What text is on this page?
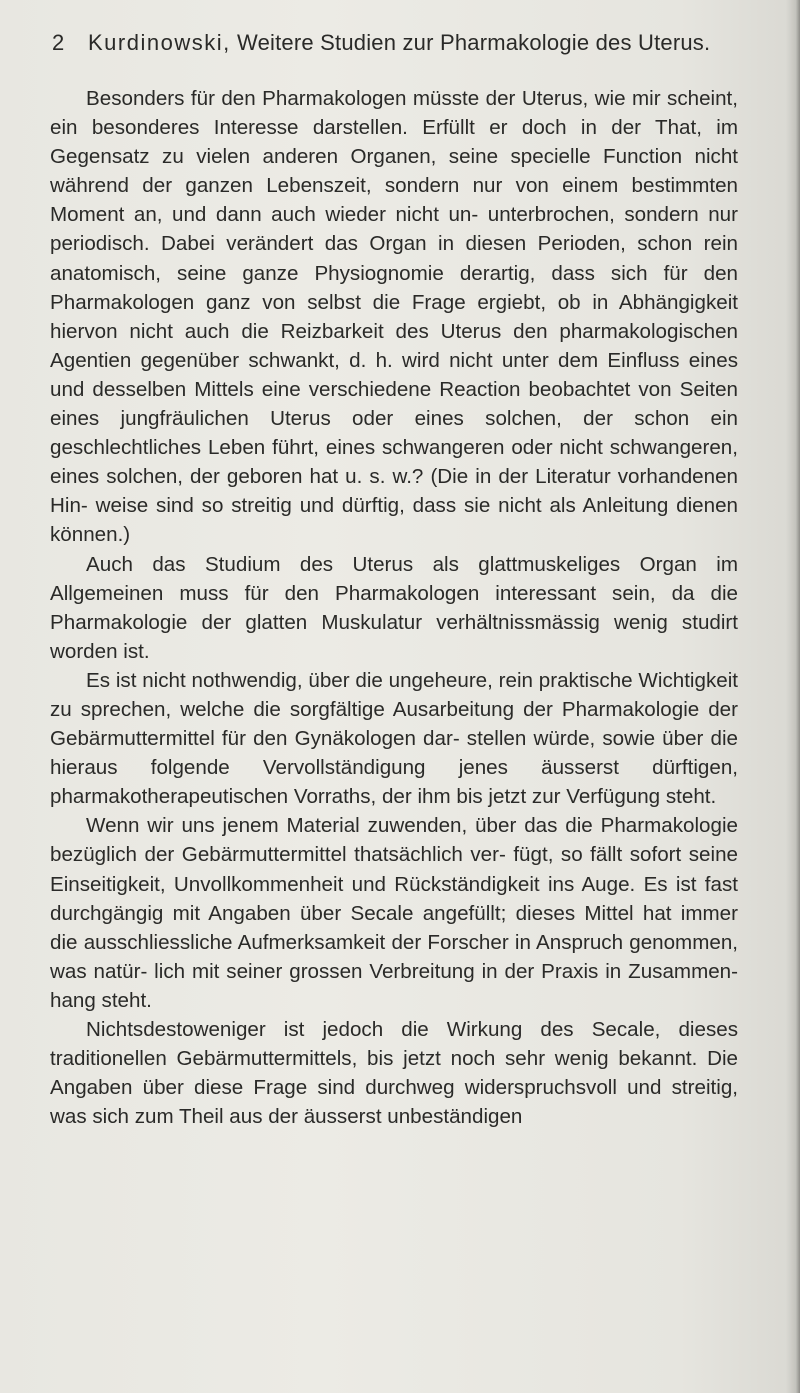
2 Kurdinowski, Weitere Studien zur Pharmakologie des Uterus.

Besonders für den Pharmakologen müsste der Uterus, wie mir scheint, ein besonderes Interesse darstellen. Erfüllt er doch in der That, im Gegensatz zu vielen anderen Organen, seine specielle Function nicht während der ganzen Lebenszeit, sondern nur von einem bestimmten Moment an, und dann auch wieder nicht un- unterbrochen, sondern nur periodisch. Dabei verändert das Organ in diesen Perioden, schon rein anatomisch, seine ganze Physiognomie derartig, dass sich für den Pharmakologen ganz von selbst die Frage ergiebt, ob in Abhängigkeit hiervon nicht auch die Reizbarkeit des Uterus den pharmakologischen Agentien gegenüber schwankt, d. h. wird nicht unter dem Einfluss eines und desselben Mittels eine verschiedene Reaction beobachtet von Seiten eines jungfräulichen Uterus oder eines solchen, der schon ein geschlechtliches Leben führt, eines schwangeren oder nicht schwangeren, eines solchen, der geboren hat u. s. w.? (Die in der Literatur vorhandenen Hin- weise sind so streitig und dürftig, dass sie nicht als Anleitung dienen können.)

Auch das Studium des Uterus als glattmuskeliges Organ im Allgemeinen muss für den Pharmakologen interessant sein, da die Pharmakologie der glatten Muskulatur verhältnissmässig wenig studirt worden ist.

Es ist nicht nothwendig, über die ungeheure, rein praktische Wichtigkeit zu sprechen, welche die sorgfältige Ausarbeitung der Pharmakologie der Gebärmuttermittel für den Gynäkologen dar- stellen würde, sowie über die hieraus folgende Vervollständigung jenes äusserst dürftigen, pharmakotherapeutischen Vorraths, der ihm bis jetzt zur Verfügung steht.

Wenn wir uns jenem Material zuwenden, über das die Pharmakologie bezüglich der Gebärmuttermittel thatsächlich ver- fügt, so fällt sofort seine Einseitigkeit, Unvollkommenheit und Rückständigkeit ins Auge. Es ist fast durchgängig mit Angaben über Secale angefüllt; dieses Mittel hat immer die ausschliessliche Aufmerksamkeit der Forscher in Anspruch genommen, was natür- lich mit seiner grossen Verbreitung in der Praxis in Zusammen- hang steht.

Nichtsdestoweniger ist jedoch die Wirkung des Secale, dieses traditionellen Gebärmuttermittels, bis jetzt noch sehr wenig bekannt. Die Angaben über diese Frage sind durchweg widerspruchsvoll und streitig, was sich zum Theil aus der äusserst unbeständigen
